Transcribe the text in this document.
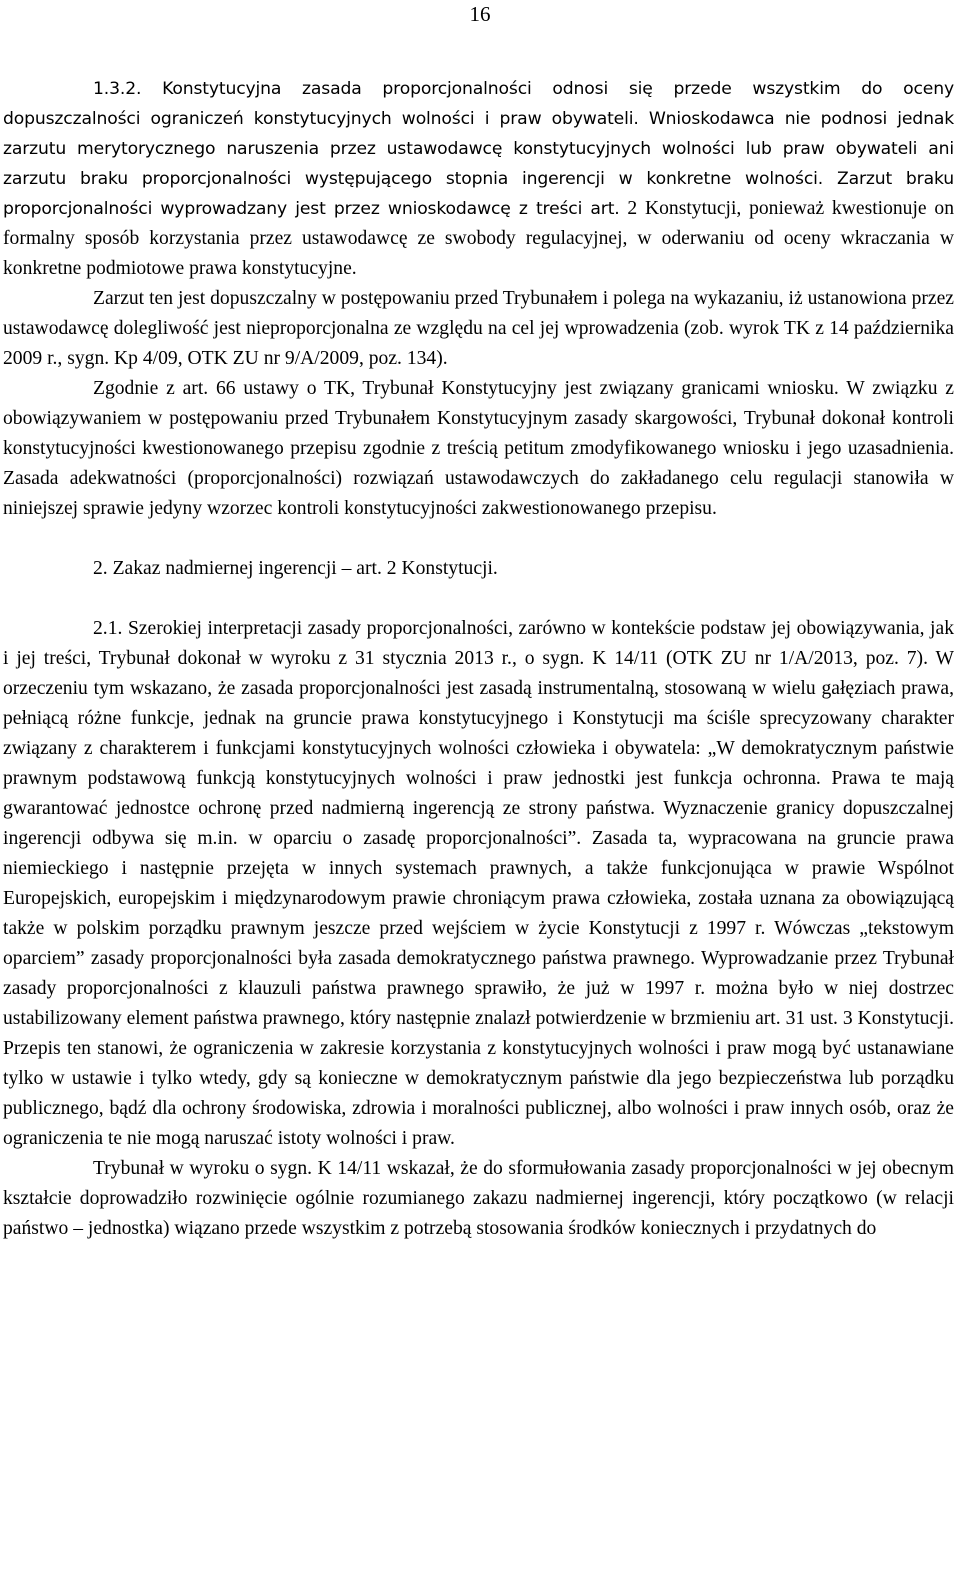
16

1.3.2. Konstytucyjna zasada proporcjonalności odnosi się przede wszystkim do oceny dopuszczalności ograniczeń konstytucyjnych wolności i praw obywateli. Wnioskodawca nie podnosi jednak zarzutu merytorycznego naruszenia przez ustawodawcę konstytucyjnych wolności lub praw obywateli ani zarzutu braku proporcjonalności występującego stopnia ingerencji w konkretne wolności. Zarzut braku proporcjonalności wyprowadzany jest przez wnioskodawcę z treści art. 2 Konstytucji, ponieważ kwestionuje on formalny sposób korzystania przez ustawodawcę ze swobody regulacyjnej, w oderwaniu od oceny wkraczania w konkretne podmiotowe prawa konstytucyjne.

Zarzut ten jest dopuszczalny w postępowaniu przed Trybunałem i polega na wykazaniu, iż ustanowiona przez ustawodawcę dolegliwość jest nieproporcjonalna ze względu na cel jej wprowadzenia (zob. wyrok TK z 14 października 2009 r., sygn. Kp 4/09, OTK ZU nr 9/A/2009, poz. 134).

Zgodnie z art. 66 ustawy o TK, Trybunał Konstytucyjny jest związany granicami wniosku. W związku z obowiązywaniem w postępowaniu przed Trybunałem Konstytucyjnym zasady skargowości, Trybunał dokonał kontroli konstytucyjności kwestionowanego przepisu zgodnie z treścią petitum zmodyfikowanego wniosku i jego uzasadnienia. Zasada adekwatności (proporcjonalności) rozwiązań ustawodawczych do zakładanego celu regulacji stanowiła w niniejszej sprawie jedyny wzorzec kontroli konstytucyjności zakwestionowanego przepisu.

2. Zakaz nadmiernej ingerencji – art. 2 Konstytucji.

2.1. Szerokiej interpretacji zasady proporcjonalności, zarówno w kontekście podstaw jej obowiązywania, jak i jej treści, Trybunał dokonał w wyroku z 31 stycznia 2013 r., o sygn. K 14/11 (OTK ZU nr 1/A/2013, poz. 7). W orzeczeniu tym wskazano, że zasada proporcjonalności jest zasadą instrumentalną, stosowaną w wielu gałęziach prawa, pełniącą różne funkcje, jednak na gruncie prawa konstytucyjnego i Konstytucji ma ściśle sprecyzowany charakter związany z charakterem i funkcjami konstytucyjnych wolności człowieka i obywatela: „W demokratycznym państwie prawnym podstawową funkcją konstytucyjnych wolności i praw jednostki jest funkcja ochronna. Prawa te mają gwarantować jednostce ochronę przed nadmierną ingerencją ze strony państwa. Wyznaczenie granicy dopuszczalnej ingerencji odbywa się m.in. w oparciu o zasadę proporcjonalności”. Zasada ta, wypracowana na gruncie prawa niemieckiego i następnie przejęta w innych systemach prawnych, a także funkcjonująca w prawie Wspólnot Europejskich, europejskim i międzynarodowym prawie chroniącym prawa człowieka, została uznana za obowiązującą także w polskim porządku prawnym jeszcze przed wejściem w życie Konstytucji z 1997 r. Wówczas „tekstowym oparciem” zasady proporcjonalności była zasada demokratycznego państwa prawnego. Wyprowadzanie przez Trybunał zasady proporcjonalności z klauzuli państwa prawnego sprawiło, że już w 1997 r. można było w niej dostrzec ustabilizowany element państwa prawnego, który następnie znalazł potwierdzenie w brzmieniu art. 31 ust. 3 Konstytucji. Przepis ten stanowi, że ograniczenia w zakresie korzystania z konstytucyjnych wolności i praw mogą być ustanawiane tylko w ustawie i tylko wtedy, gdy są konieczne w demokratycznym państwie dla jego bezpieczeństwa lub porządku publicznego, bądź dla ochrony środowiska, zdrowia i moralności publicznej, albo wolności i praw innych osób, oraz że ograniczenia te nie mogą naruszać istoty wolności i praw.

Trybunał w wyroku o sygn. K 14/11 wskazał, że do sformułowania zasady proporcjonalności w jej obecnym kształcie doprowadziło rozwinięcie ogólnie rozumianego zakazu nadmiernej ingerencji, który początkowo (w relacji państwo – jednostka) wiązano przede wszystkim z potrzebą stosowania środków koniecznych i przydatnych do
